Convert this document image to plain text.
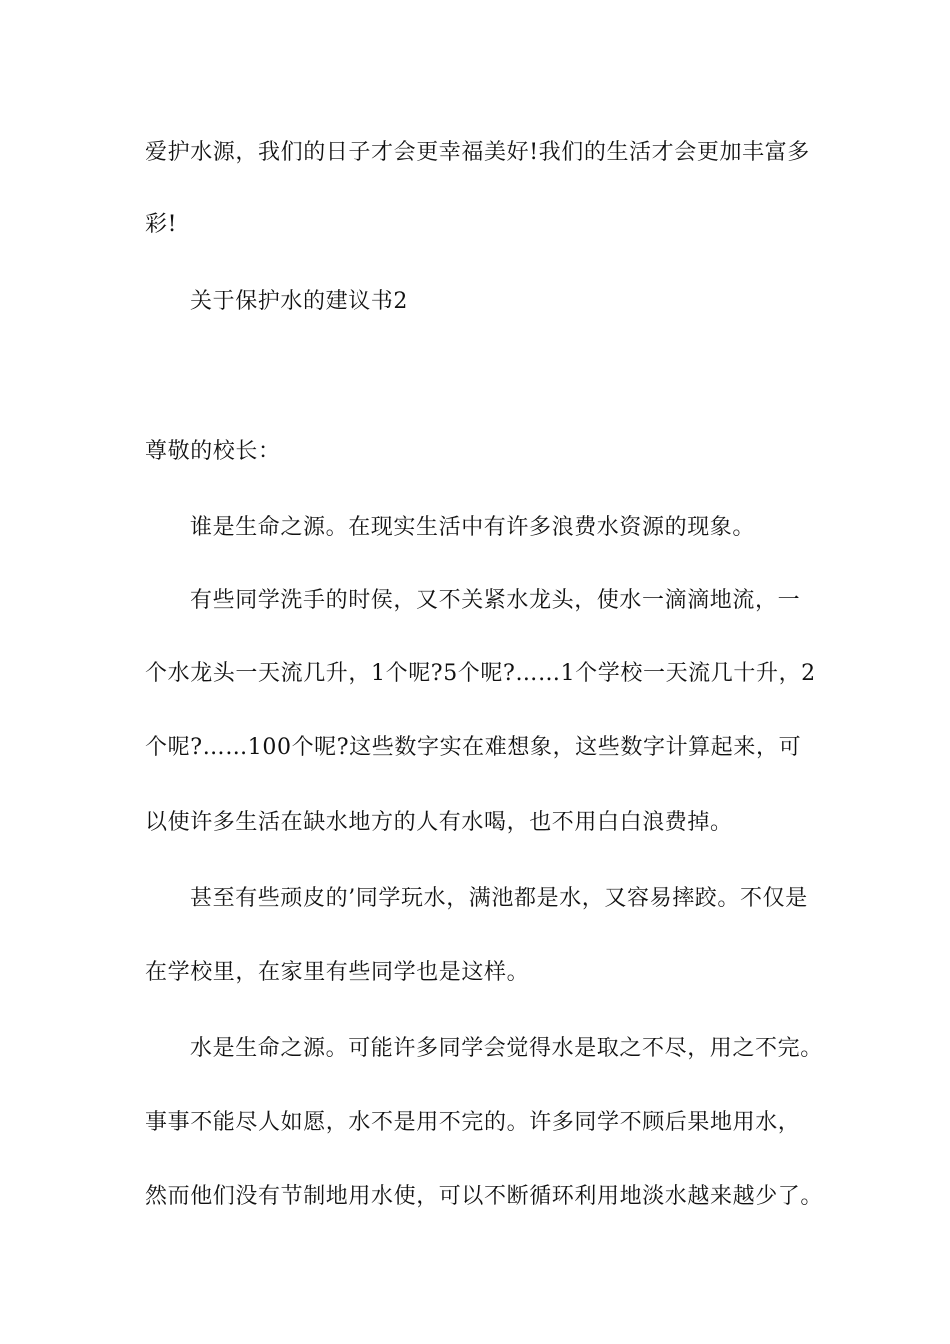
爱护水源，我们的日子才会更幸福美好!我们的生活才会更加丰富多
彩!
关于保护水的建议书2
尊敬的校长：
谁是生命之源。在现实生活中有许多浪费水资源的现象。
有些同学洗手的时侯，又不关紧水龙头，使水一滴滴地流，一
个水龙头一天流几升，1个呢?5个呢?……1个学校一天流几十升，2
个呢?……100个呢?这些数字实在难想象，这些数字计算起来，可
以使许多生活在缺水地方的人有水喝，也不用白白浪费掉。
甚至有些顽皮的’同学玩水，满池都是水，又容易摔跤。不仅是
在学校里，在家里有些同学也是这样。
水是生命之源。可能许多同学会觉得水是取之不尽，用之不完。
事事不能尽人如愿，水不是用不完的。许多同学不顾后果地用水，
然而他们没有节制地用水使，可以不断循环利用地淡水越来越少了。
